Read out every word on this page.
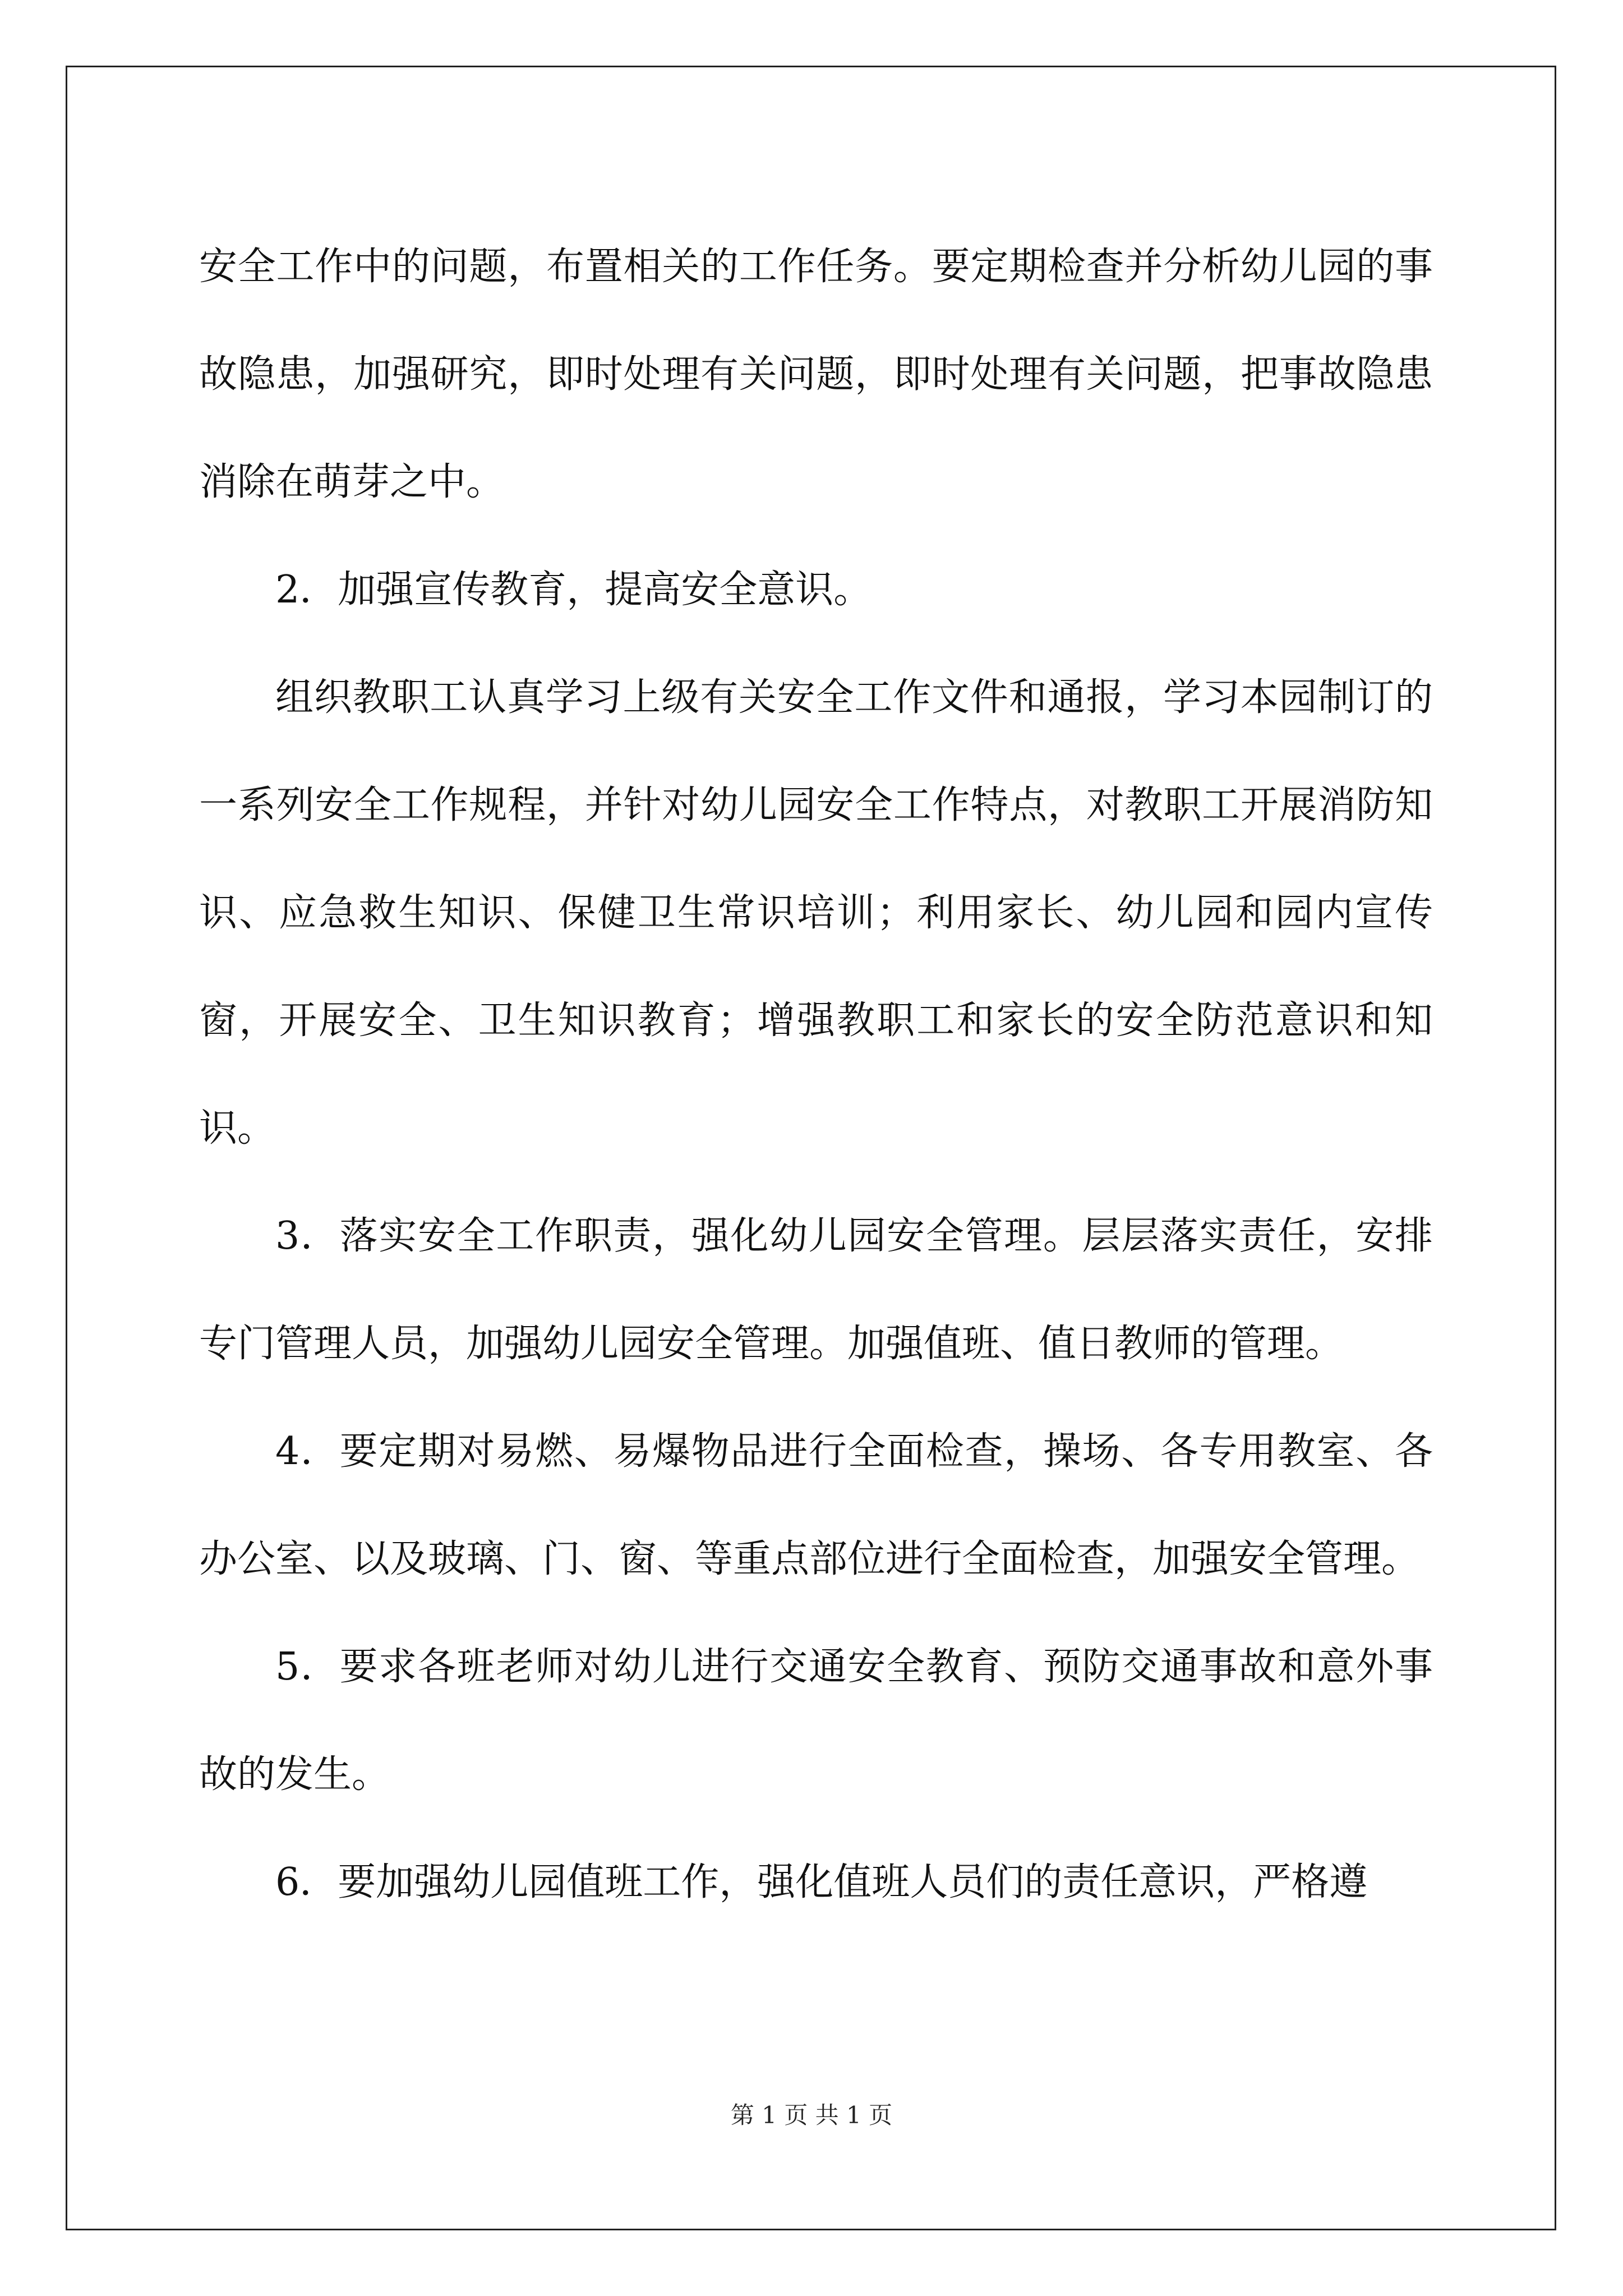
安全工作中的问题，布置相关的工作任务。要定期检查并分析幼儿园的事故隐患，加强研究，即时处理有关问题，即时处理有关问题，把事故隐患消除在萌芽之中。

2．加强宣传教育，提高安全意识。

组织教职工认真学习上级有关安全工作文件和通报，学习本园制订的一系列安全工作规程，并针对幼儿园安全工作特点，对教职工开展消防知识、应急救生知识、保健卫生常识培训；利用家长、幼儿园和园内宣传窗，开展安全、卫生知识教育；增强教职工和家长的安全防范意识和知识。

3．落实安全工作职责，强化幼儿园安全管理。层层落实责任，安排专门管理人员，加强幼儿园安全管理。加强值班、值日教师的管理。

4．要定期对易燃、易爆物品进行全面检查，操场、各专用教室、各办公室、以及玻璃、门、窗、等重点部位进行全面检查，加强安全管理。

5．要求各班老师对幼儿进行交通安全教育、预防交通事故和意外事故的发生。

6．要加强幼儿园值班工作，强化值班人员们的责任意识，严格遵

第 1 页 共 1 页
